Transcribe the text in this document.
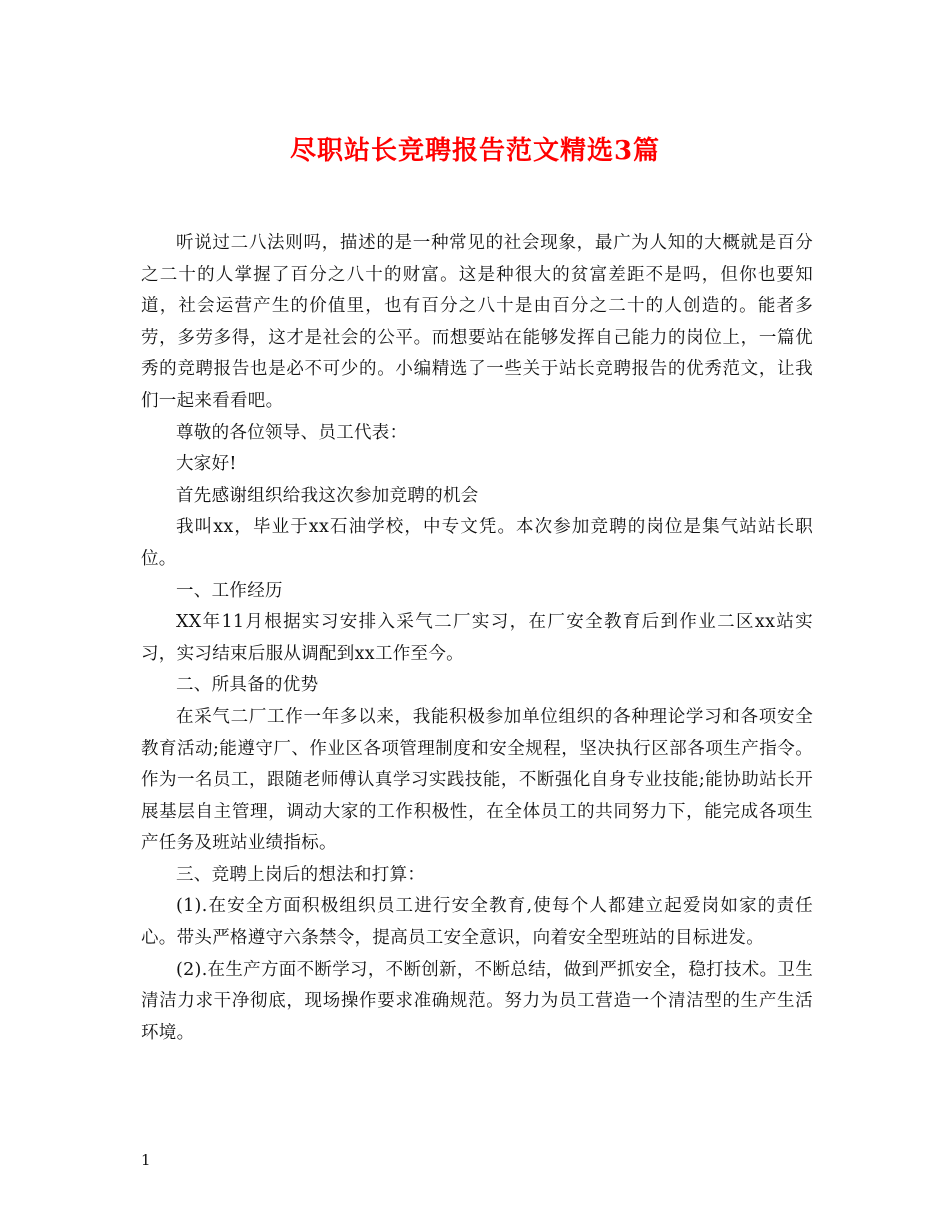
尽职站长竞聘报告范文精选3篇

听说过二八法则吗，描述的是一种常见的社会现象，最广为人知的大概就是百分之二十的人掌握了百分之八十的财富。这是种很大的贫富差距不是吗，但你也要知道，社会运营产生的价值里，也有百分之八十是由百分之二十的人创造的。能者多劳，多劳多得，这才是社会的公平。而想要站在能够发挥自己能力的岗位上，一篇优秀的竞聘报告也是必不可少的。小编精选了一些关于站长竞聘报告的优秀范文，让我们一起来看看吧。

尊敬的各位领导、员工代表：

大家好!

首先感谢组织给我这次参加竞聘的机会

我叫xx，毕业于xx石油学校，中专文凭。本次参加竞聘的岗位是集气站站长职位。

一、工作经历

XX年11月根据实习安排入采气二厂实习，在厂安全教育后到作业二区xx站实习，实习结束后服从调配到xx工作至今。

二、所具备的优势

在采气二厂工作一年多以来，我能积极参加单位组织的各种理论学习和各项安全教育活动;能遵守厂、作业区各项管理制度和安全规程，坚决执行区部各项生产指令。作为一名员工，跟随老师傅认真学习实践技能，不断强化自身专业技能;能协助站长开展基层自主管理，调动大家的工作积极性，在全体员工的共同努力下，能完成各项生产任务及班站业绩指标。

三、竞聘上岗后的想法和打算：

(1).在安全方面积极组织员工进行安全教育,使每个人都建立起爱岗如家的责任心。带头严格遵守六条禁令，提高员工安全意识，向着安全型班站的目标进发。

(2).在生产方面不断学习，不断创新，不断总结，做到严抓安全，稳打技术。卫生清洁力求干净彻底，现场操作要求准确规范。努力为员工营造一个清洁型的生产生活环境。

1
